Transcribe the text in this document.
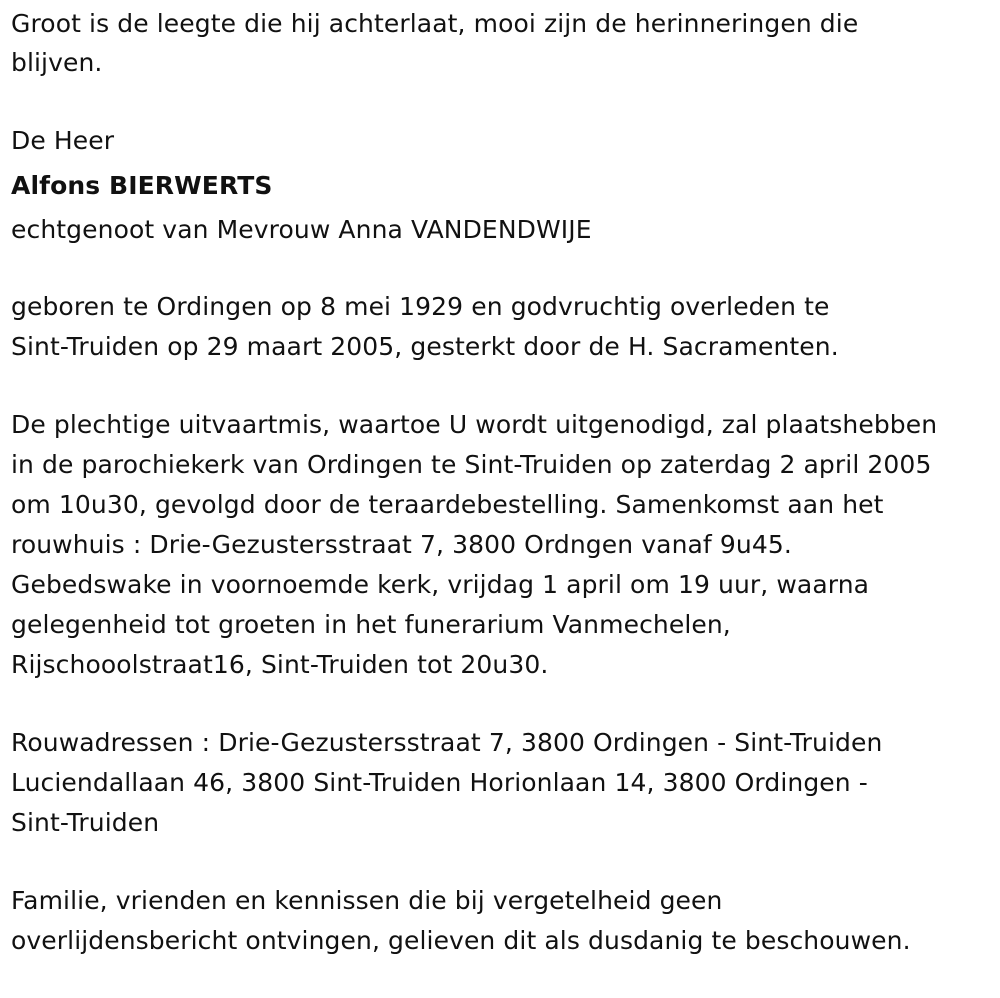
Groot is de leegte die hij achterlaat, mooi zijn de herinneringen die
blijven.
De Heer
Alfons BIERWERTS
echtgenoot van Mevrouw Anna VANDENDWIJE
geboren te Ordingen op 8 mei 1929 en godvruchtig overleden te
Sint-Truiden op 29 maart 2005, gesterkt door de H. Sacramenten.
De plechtige uitvaartmis, waartoe U wordt uitgenodigd, zal plaatshebben
in de parochiekerk van Ordingen te Sint-Truiden op zaterdag 2 april 2005
om 10u30, gevolgd door de teraardebestelling. Samenkomst aan het
rouwhuis : Drie-Gezustersstraat 7, 3800 Ordngen vanaf 9u45.
Gebedswake in voornoemde kerk, vrijdag 1 april om 19 uur, waarna
gelegenheid tot groeten in het funerarium Vanmechelen,
Rijschooolstraat16, Sint-Truiden tot 20u30.
Rouwadressen : Drie-Gezustersstraat 7, 3800 Ordingen - Sint-Truiden
Luciendallaan 46, 3800 Sint-Truiden Horionlaan 14, 3800 Ordingen -
Sint-Truiden
Familie, vrienden en kennissen die bij vergetelheid geen
overlijdensbericht ontvingen, gelieven dit als dusdanig te beschouwen.
